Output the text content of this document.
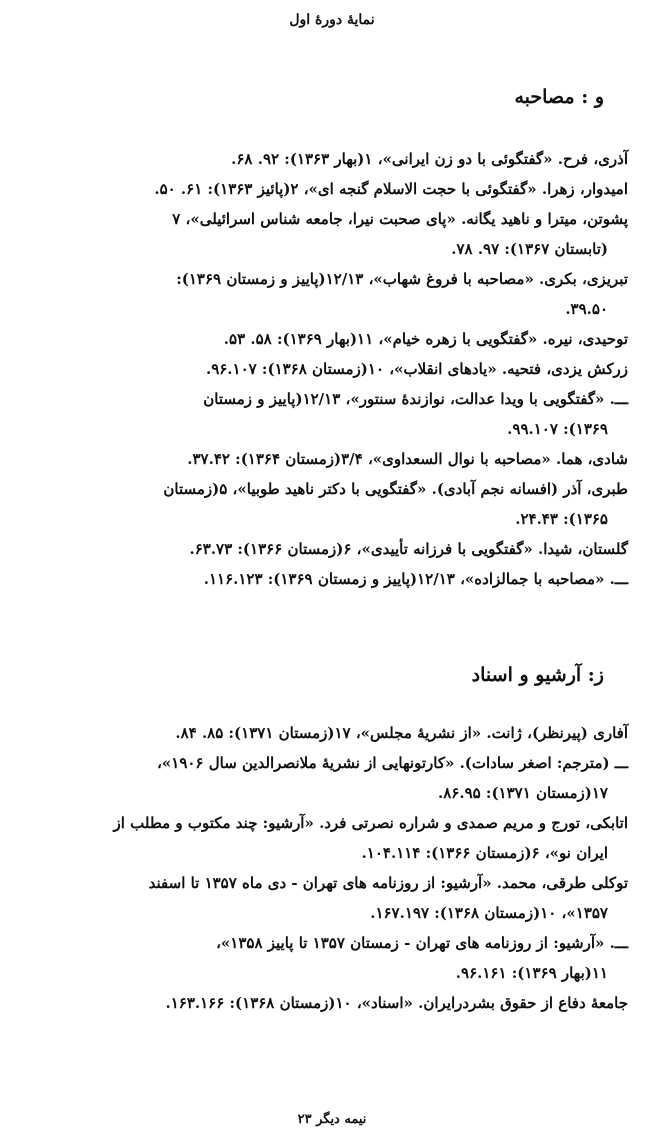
نمایهٔ دورهٔ اول
و : مصاحبه

آذری، فرح. «گفتگوئی با دو زن ایرانی»، ۱(بهار ۱۳۶۳): ۹۲. ۶۸.

امیدوار، زهرا. «گفتگوئی با حجت الاسلام گنجه ای»، ۲(پائیز ۱۳۶۳): ۶۱. ۵۰.

پشوتن، میترا و ناهید یگانه. «پای صحبت نیرا، جامعه شناس اسرائیلی»، ۷
(تابستان ۱۳۶۷): ۹۷. ۷۸.

تبریزی، بکری. «مصاحبه با فروغ شهاب»، ۱۲/۱۳(پاییز و زمستان ۱۳۶۹):
۳۹.۵۰.

توحیدی، نیره. «گفتگویی با زهره خیام»، ۱۱(بهار ۱۳۶۹): ۵۸. ۵۳.

زرکش یزدی، فتحیه. «یادهای انقلاب»، ۱۰(زمستان ۱۳۶۸): ۹۶.۱۰۷.

ـــ. «گفتگویی با ویدا عدالت، نوازندهٔ سنتور»، ۱۲/۱۳(پاییز و زمستان
۱۳۶۹): ۹۹.۱۰۷.

شادی، هما. «مصاحبه با نوال السعداوی»، ۳/۴(زمستان ۱۳۶۴): ۳۷.۴۲.

طبری، آذر (افسانه نجم آبادی). «گفتگویی با دکتر ناهید طوبیا»، ۵(زمستان
۱۳۶۵): ۲۴.۴۳.

گلستان، شیدا. «گفتگویی با فرزانه تأییدی»، ۶(زمستان ۱۳۶۶): ۶۳.۷۳.

ـــ. «مصاحبه با جمالزاده»، ۱۲/۱۳(پاییز و زمستان ۱۳۶۹): ۱۱۶.۱۲۳.

ز: آرشیو و اسناد

آفاری (پیرنظر)، ژانت. «از نشریهٔ مجلس»، ۱۷(زمستان ۱۳۷۱): ۸۵. ۸۴.

ـــ (مترجم: اصغر سادات). «کارتونهایی از نشریهٔ ملانصرالدین سال ۱۹۰۶»،
۱۷(زمستان ۱۳۷۱): ۸۶.۹۵.

اتابکی، تورج و مریم صمدی و شراره نصرتی فرد. «آرشیو: چند مکتوب و مطلب از
ایران نو»، ۶(زمستان ۱۳۶۶): ۱۰۴.۱۱۴.

توکلی طرقی، محمد. «آرشیو: از روزنامه های تهران - دی ماه ۱۳۵۷ تا اسفند
۱۳۵۷»، ۱۰(زمستان ۱۳۶۸): ۱۶۷.۱۹۷.

ـــ. «آرشیو: از روزنامه های تهران - زمستان ۱۳۵۷ تا پاییز ۱۳۵۸»،
۱۱(بهار ۱۳۶۹): ۹۶.۱۶۱.

جامعهٔ دفاع از حقوق بشردرایران. «اسناد»، ۱۰(زمستان ۱۳۶۸): ۱۶۳.۱۶۶.

نیمه دیگر ۲۳
